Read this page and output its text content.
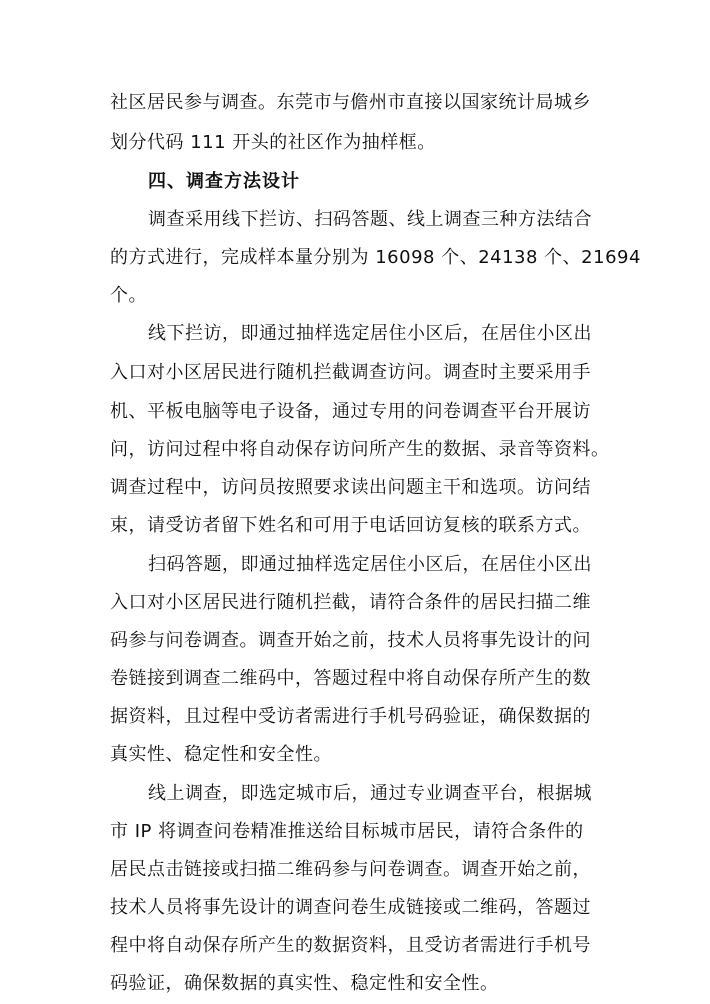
社区居民参与调查。东莞市与儋州市直接以国家统计局城乡
划分代码 111 开头的社区作为抽样框。
四、调查方法设计
调查采用线下拦访、扫码答题、线上调查三种方法结合
的方式进行，完成样本量分别为 16098 个、24138 个、21694
个。
线下拦访，即通过抽样选定居住小区后，在居住小区出
入口对小区居民进行随机拦截调查访问。调查时主要采用手
机、平板电脑等电子设备，通过专用的问卷调查平台开展访
问，访问过程中将自动保存访问所产生的数据、录音等资料。
调查过程中，访问员按照要求读出问题主干和选项。访问结
束，请受访者留下姓名和可用于电话回访复核的联系方式。
扫码答题，即通过抽样选定居住小区后，在居住小区出
入口对小区居民进行随机拦截，请符合条件的居民扫描二维
码参与问卷调查。调查开始之前，技术人员将事先设计的问
卷链接到调查二维码中，答题过程中将自动保存所产生的数
据资料，且过程中受访者需进行手机号码验证，确保数据的
真实性、稳定性和安全性。
线上调查，即选定城市后，通过专业调查平台，根据城
市 IP 将调查问卷精准推送给目标城市居民，请符合条件的
居民点击链接或扫描二维码参与问卷调查。调查开始之前，
技术人员将事先设计的调查问卷生成链接或二维码，答题过
程中将自动保存所产生的数据资料，且受访者需进行手机号
码验证，确保数据的真实性、稳定性和安全性。
